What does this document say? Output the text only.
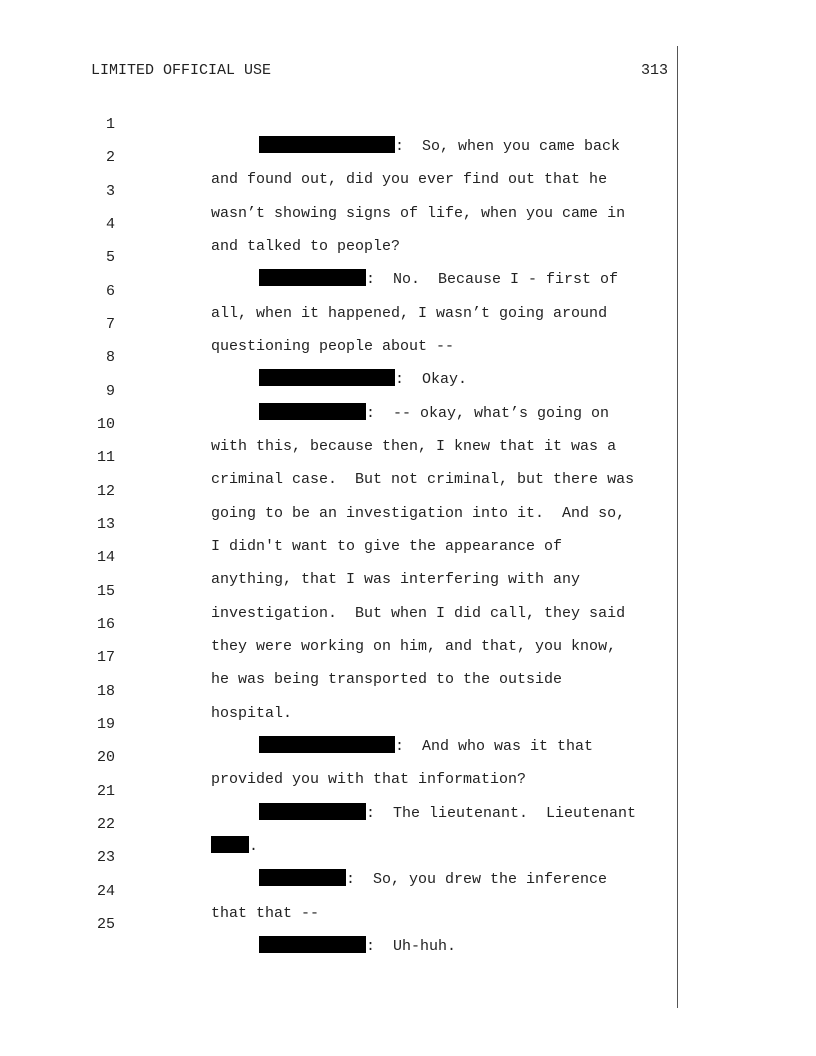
LIMITED OFFICIAL USE	313

1

:  So, when you came back

2

and found out, did you ever find out that he

3

wasn’t showing signs of life, when you came in

4

and talked to people?

5

:  No.  Because I - first of

6

all, when it happened, I wasn’t going around

7

questioning people about --

8

:  Okay.

9

:  -- okay, what’s going on

10

with this, because then, I knew that it was a

11

criminal case.  But not criminal, but there was

12

going to be an investigation into it.  And so,

13

I didn't want to give the appearance of

14

anything, that I was interfering with any

15

investigation.  But when I did call, they said

16

they were working on him, and that, you know,

17

he was being transported to the outside

18

hospital.

19

:  And who was it that

20

provided you with that information?

21

:  The lieutenant.  Lieutenant

22

.

23

:  So, you drew the inference

24

that that --

25

:  Uh-huh.
